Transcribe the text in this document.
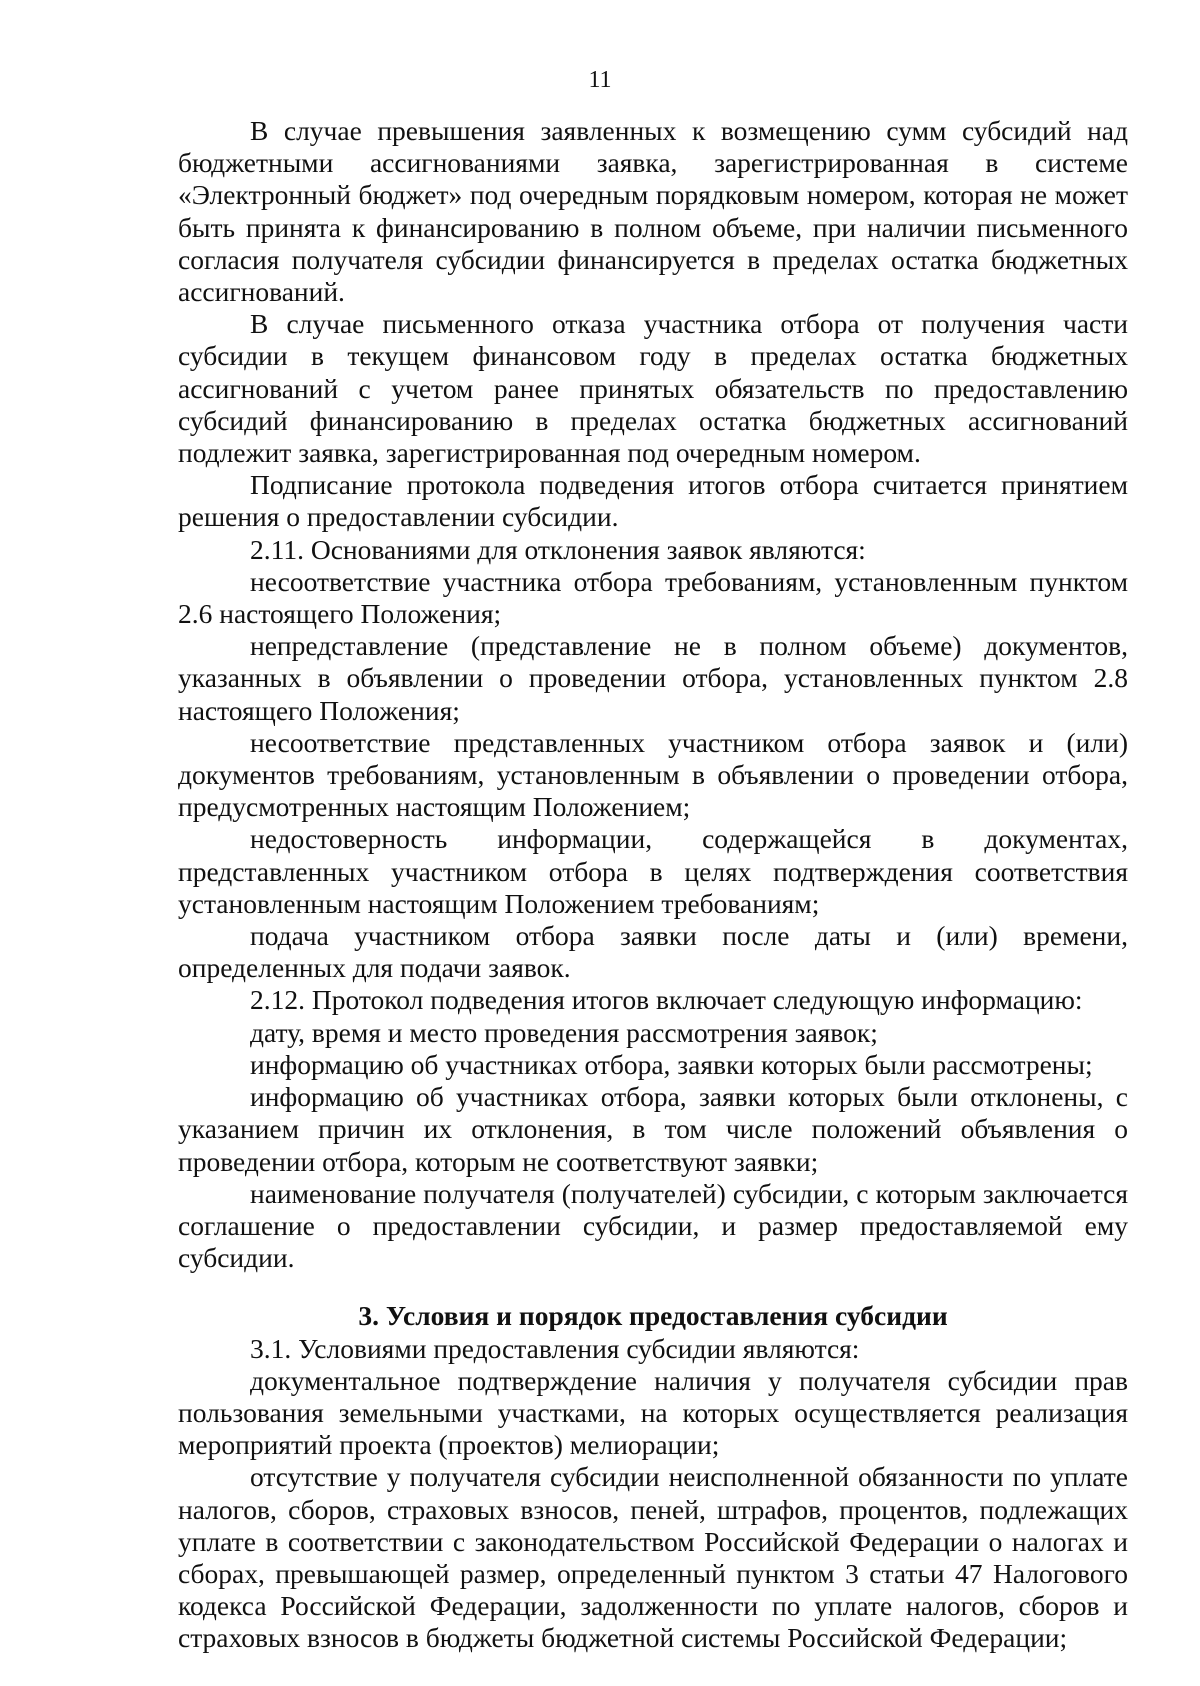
11

В случае превышения заявленных к возмещению сумм субсидий над бюджетными ассигнованиями заявка, зарегистрированная в системе «Электронный бюджет» под очередным порядковым номером, которая не может быть принята к финансированию в полном объеме, при наличии письменного согласия получателя субсидии финансируется в пределах остатка бюджетных ассигнований.

В случае письменного отказа участника отбора от получения части субсидии в текущем финансовом году в пределах остатка бюджетных ассигнований с учетом ранее принятых обязательств по предоставлению субсидий финансированию в пределах остатка бюджетных ассигнований подлежит заявка, зарегистрированная под очередным номером.

Подписание протокола подведения итогов отбора считается принятием решения о предоставлении субсидии.

2.11. Основаниями для отклонения заявок являются:

несоответствие участника отбора требованиям, установленным пунктом 2.6 настоящего Положения;

непредставление (представление не в полном объеме) документов, указанных в объявлении о проведении отбора, установленных пунктом 2.8 настоящего Положения;

несоответствие представленных участником отбора заявок и (или) документов требованиям, установленным в объявлении о проведении отбора, предусмотренных настоящим Положением;

недостоверность информации, содержащейся в документах, представленных участником отбора в целях подтверждения соответствия установленным настоящим Положением требованиям;

подача участником отбора заявки после даты и (или) времени, определенных для подачи заявок.

2.12. Протокол подведения итогов включает следующую информацию:

дату, время и место проведения рассмотрения заявок;

информацию об участниках отбора, заявки которых были рассмотрены;

информацию об участниках отбора, заявки которых были отклонены, с указанием причин их отклонения, в том числе положений объявления о проведении отбора, которым не соответствуют заявки;

наименование получателя (получателей) субсидии, с которым заключается соглашение о предоставлении субсидии, и размер предоставляемой ему субсидии.

3. Условия и порядок предоставления субсидии

3.1. Условиями предоставления субсидии являются:

документальное подтверждение наличия у получателя субсидии прав пользования земельными участками, на которых осуществляется реализация мероприятий проекта (проектов) мелиорации;

отсутствие у получателя субсидии неисполненной обязанности по уплате налогов, сборов, страховых взносов, пеней, штрафов, процентов, подлежащих уплате в соответствии с законодательством Российской Федерации о налогах и сборах, превышающей размер, определенный пунктом 3 статьи 47 Налогового кодекса Российской Федерации, задолженности по уплате налогов, сборов и страховых взносов в бюджеты бюджетной системы Российской Федерации;
